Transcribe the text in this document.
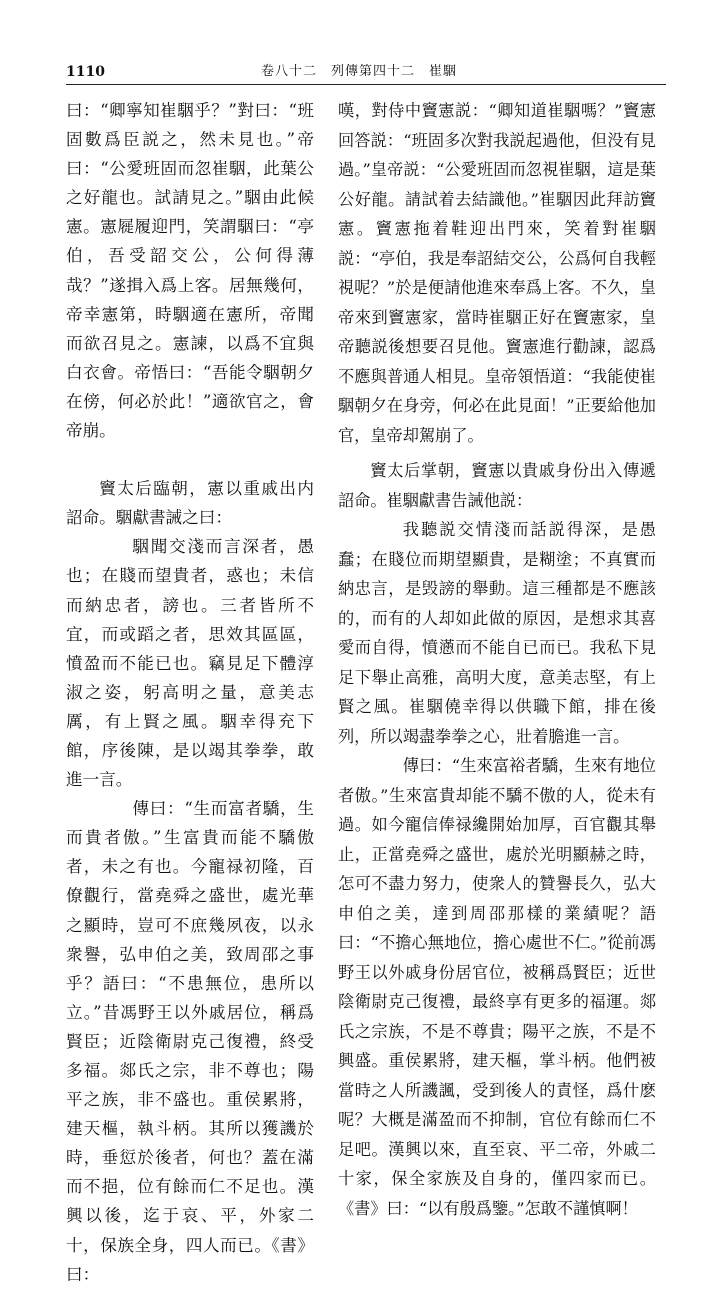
1110	卷八十二　列傳第四十二　崔駰

曰：“卿寧知崔駰乎？”對曰：“班固數爲臣説之，然未見也。”帝曰：“公愛班固而忽崔駰，此葉公之好龍也。試請見之。”駰由此候憲。憲屣履迎門，笑謂駰曰：“亭伯，吾受韶交公，公何得薄哉？”遂揖入爲上客。居無幾何，帝幸憲第，時駰適在憲所，帝聞而欲召見之。憲諫，以爲不宜與白衣會。帝悟曰：“吾能令駰朝夕在傍，何必於此！”適欲官之，會帝崩。

竇太后臨朝，憲以重戚出内詔命。駰獻書誡之曰：

駰聞交淺而言深者，愚也；在賤而望貴者，惑也；未信而納忠者，謗也。三者皆所不宜，而或蹈之者，思效其區區，憤盈而不能已也。竊見足下體淳淑之姿，躬高明之量，意美志厲，有上賢之風。駰幸得充下館，序後陳，是以竭其拳拳，敢進一言。

傳曰：“生而富者驕，生而貴者傲。”生富貴而能不驕傲者，未之有也。今寵禄初隆，百僚觀行，當堯舜之盛世，處光華之顯時，豈可不庶幾夙夜，以永衆譽，弘申伯之美，致周邵之事乎？語曰：“不患無位，患所以立。”昔馮野王以外戚居位，稱爲賢臣；近陰衛尉克己復禮，終受多福。郯氏之宗，非不尊也；陽平之族，非不盛也。重侯累將，建天樞，執斗柄。其所以獲譏於時，垂愆於後者，何也？蓋在滿而不挹，位有餘而仁不足也。漢興以後，迄于哀、平，外家二十，保族全身，四人而已。《書》曰：

嘆，對侍中竇憲説：“卿知道崔駰嗎？”竇憲回答説：“班固多次對我説起過他，但没有見過。”皇帝説：“公愛班固而忽視崔駰，這是葉公好龍。請試着去結識他。”崔駰因此拜訪竇憲。竇憲拖着鞋迎出門來，笑着對崔駰説：“亭伯，我是奉詔結交公，公爲何自我輕視呢？”於是便請他進來奉爲上客。不久，皇帝來到竇憲家，當時崔駰正好在竇憲家，皇帝聽説後想要召見他。竇憲進行勸諫，認爲不應與普通人相見。皇帝領悟道：“我能使崔駰朝夕在身旁，何必在此見面！”正要給他加官，皇帝却駕崩了。

竇太后掌朝，竇憲以貴戚身份出入傳遞詔命。崔駰獻書告誡他説：

我聽説交情淺而話説得深，是愚蠢；在賤位而期望顯貴，是糊塗；不真實而納忠言，是毁謗的舉動。這三種都是不應該的，而有的人却如此做的原因，是想求其喜愛而自得，憤懣而不能自已而已。我私下見足下舉止高雅，高明大度，意美志堅，有上賢之風。崔駰僥幸得以供職下館，排在後列，所以竭盡拳拳之心，壯着膽進一言。

傳曰：“生來富裕者驕，生來有地位者傲。”生來富貴却能不驕不傲的人，從未有過。如今寵信俸禄纔開始加厚，百官觀其舉止，正當堯舜之盛世，處於光明顯赫之時，怎可不盡力努力，使衆人的贊譽長久，弘大申伯之美，達到周邵那樣的業績呢？語曰：“不擔心無地位，擔心處世不仁。”從前馮野王以外戚身份居官位，被稱爲賢臣；近世陰衛尉克己復禮，最終享有更多的福運。郯氏之宗族，不是不尊貴；陽平之族，不是不興盛。重侯累將，建天樞，掌斗柄。他們被當時之人所譏諷，受到後人的責怪，爲什麽呢？大概是滿盈而不抑制，官位有餘而仁不足吧。漢興以來，直至哀、平二帝，外戚二十家，保全家族及自身的，僅四家而已。《書》曰：“以有殷爲鑒。”怎敢不謹慎啊！
